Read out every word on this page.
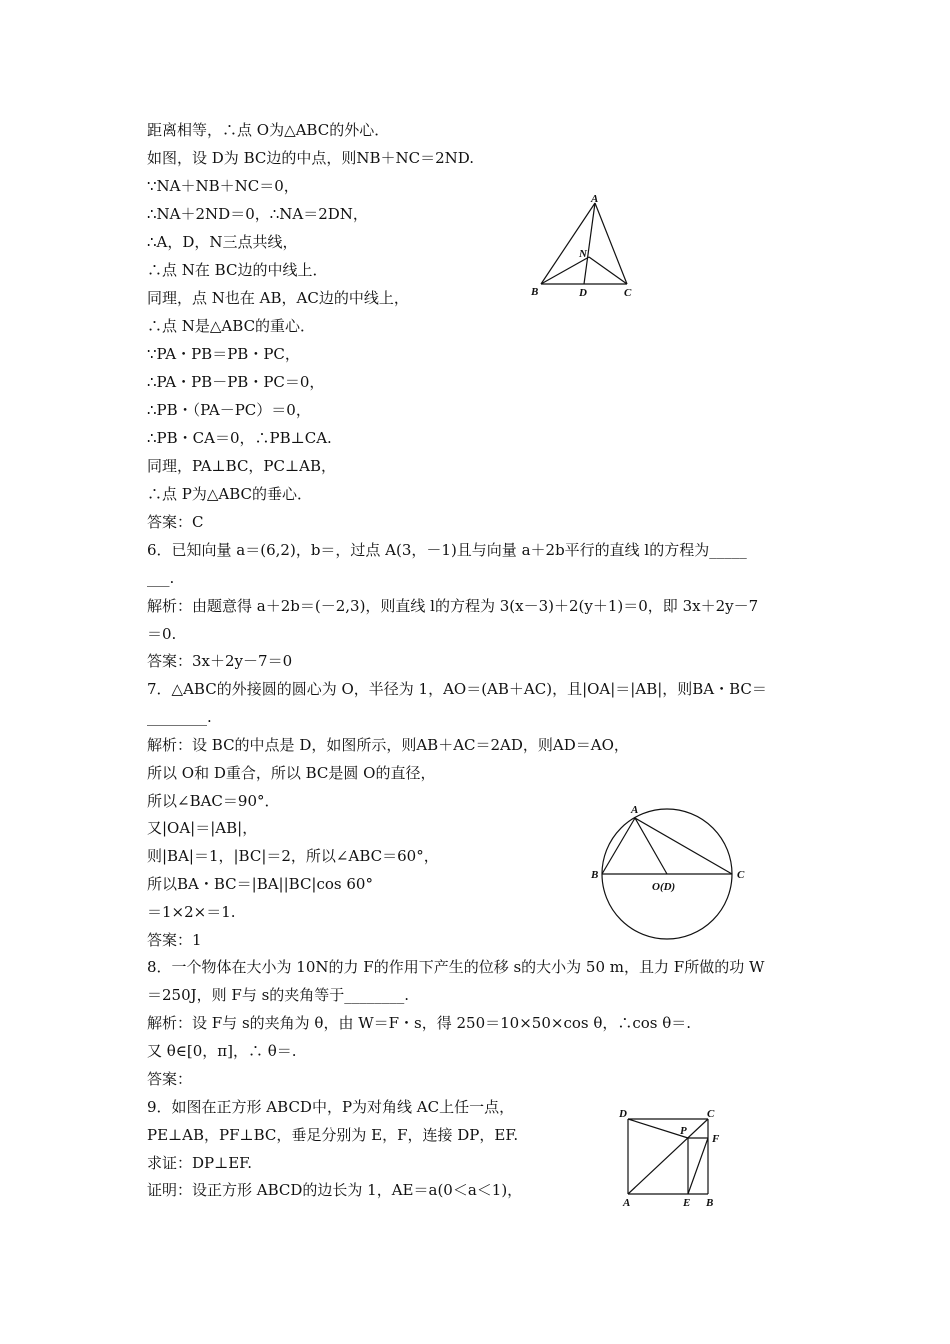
距离相等，∴点 O为△ABC的外心．
如图，设 D为 BC边的中点，则NB＋NC＝2ND.
∵NA＋NB＋NC＝0，
∴NA＋2ND＝0，∴NA＝2DN，
∴A，D，N三点共线，
∴点 N在 BC边的中线上．
同理，点 N也在 AB，AC边的中线上，
∴点 N是△ABC的重心．
∵PA・PB＝PB・PC，
∴PA・PB－PB・PC＝0，
∴PB・（PA－PC）＝0，
∴PB・CA＝0，∴PB⊥CA.
同理，PA⊥BC，PC⊥AB，
∴点 P为△ABC的垂心．
答案：C
6．已知向量 a＝(6,2)，b＝，过点 A(3，－1)且与向量 a＋2b平行的直线 l的方程为_____
___.
解析：由题意得 a＋2b＝(－2,3)，则直线 l的方程为 3(x－3)＋2(y＋1)＝0，即 3x＋2y－7
＝0.
答案：3x＋2y－7＝0
7．△ABC的外接圆的圆心为 O，半径为 1，AO＝(AB＋AC)，且|OA|＝|AB|，则BA・BC＝
________.
解析：设 BC的中点是 D，如图所示，则AB＋AC＝2AD，则AD＝AO，
所以 O和 D重合，所以 BC是圆 O的直径，
所以∠BAC＝90°．
又|OA|＝|AB|，
则|BA|＝1，|BC|＝2，所以∠ABC＝60°，
所以BA・BC＝|BA||BC|cos 60°
＝1×2×＝1.
答案：1
8．一个物体在大小为 10N的力 F的作用下产生的位移 s的大小为 50 m，且力 F所做的功 W
＝250J，则 F与 s的夹角等于________.
解析：设 F与 s的夹角为 θ，由 W＝F・s，得 250＝10×50×cos θ，∴cos θ＝.
又 θ∈[0，π]，∴ θ＝.
答案：
9．如图在正方形 ABCD中，P为对角线 AC上任一点，
PE⊥AB，PF⊥BC，垂足分别为 E，F，连接 DP，EF.
求证：DP⊥EF.
证明：设正方形 ABCD的边长为 1，AE＝a(0＜a＜1)，
A
N
B	D	C
A
B
O(D)
C
D	C
P
F
A	E B
